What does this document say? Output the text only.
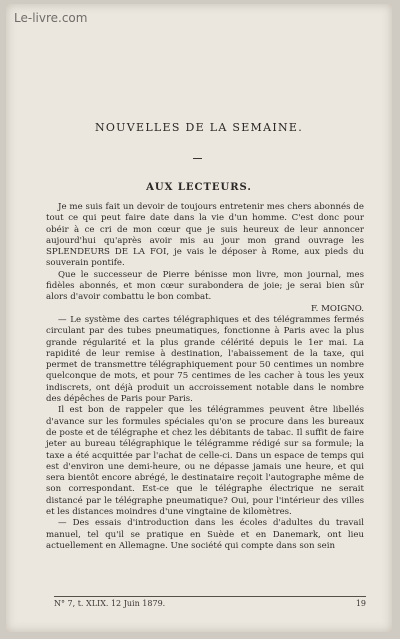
Le-livre.com
NOUVELLES DE LA SEMAINE.
AUX LECTEURS.

Je me suis fait un devoir de toujours entretenir mes chers abonnés de tout ce qui peut faire date dans la vie d'un homme. C'est donc pour obéir à ce cri de mon cœur que je suis heureux de leur annoncer aujourd'hui qu'après avoir mis au jour mon grand ouvrage les SPLENDEURS DE LA FOI, je vais le déposer à Rome, aux pieds du souverain pontife.

Que le successeur de Pierre bénisse mon livre, mon journal, mes fidèles abonnés, et mon cœur surabondera de joie; je serai bien sûr alors d'avoir combattu le bon combat.

F. MOIGNO.

— Le système des cartes télégraphiques et des télégrammes fermés circulant par des tubes pneumatiques, fonctionne à Paris avec la plus grande régularité et la plus grande célérité depuis le 1er mai. La rapidité de leur remise à destination, l'abaissement de la taxe, qui permet de transmettre télégraphiquement pour 50 centimes un nombre quelconque de mots, et pour 75 centimes de les cacher à tous les yeux indiscrets, ont déjà produit un accroissement notable dans le nombre des dépêches de Paris pour Paris.

Il est bon de rappeler que les télégrammes peuvent être libellés d'avance sur les formules spéciales qu'on se procure dans les bureaux de poste et de télégraphe et chez les débitants de tabac. Il suffit de faire jeter au bureau télégraphique le télégramme rédigé sur sa formule; la taxe a été acquittée par l'achat de celle-ci. Dans un espace de temps qui est d'environ une demi-heure, ou ne dépasse jamais une heure, et qui sera bientôt encore abrégé, le destinataire reçoit l'autographe même de son correspondant. Est-ce que le télégraphe électrique ne serait distancé par le télégraphe pneumatique? Oui, pour l'intérieur des villes et les distances moindres d'une vingtaine de kilomètres.

— Des essais d'introduction dans les écoles d'adultes du travail manuel, tel qu'il se pratique en Suède et en Danemark, ont lieu actuellement en Allemagne. Une société qui compte dans son sein

N° 7, t. XLIX. 12 Juin 1879.	19
